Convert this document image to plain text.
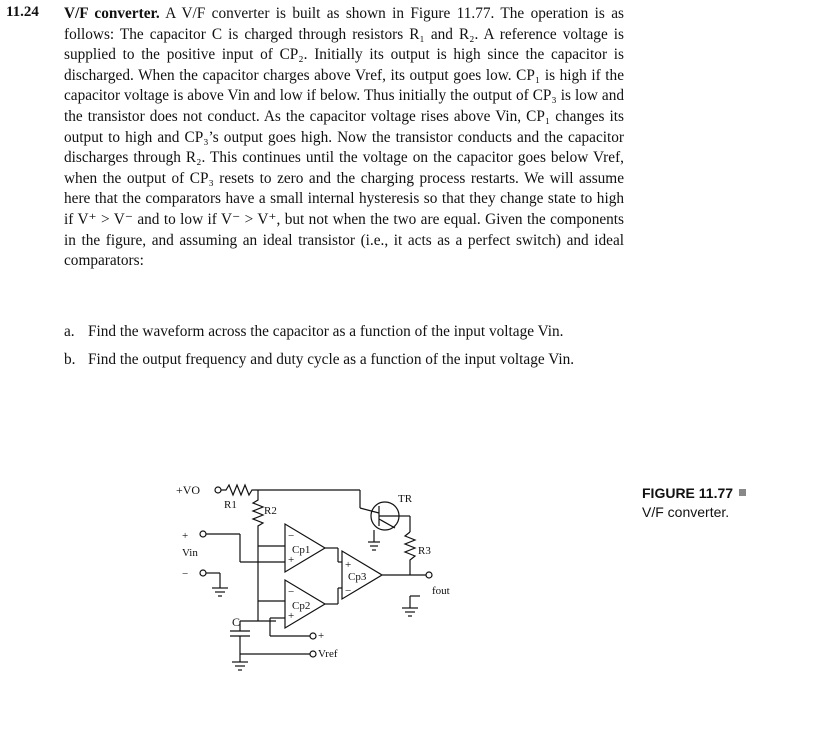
11.24 V/F converter. A V/F converter is built as shown in Figure 11.77. The operation is as follows: The capacitor C is charged through resistors R₁ and R₂. A reference voltage is supplied to the positive input of CP₂. Initially its output is high since the capacitor is discharged. When the capacitor charges above Vref, its output goes low. CP₁ is high if the capacitor voltage is above Vin and low if below. Thus initially the output of CP₃ is low and the transistor does not conduct. As the capacitor voltage rises above Vin, CP₁ changes its output to high and CP₃’s output goes high. Now the transistor conducts and the capacitor discharges through R₂. This continues until the voltage on the capacitor goes below Vref, when the output of CP₃ resets to zero and the charging process restarts. We will assume here that the comparators have a small internal hysteresis so that they change state to high if V⁺ > V⁻ and to low if V⁻ > V⁺, but not when the two are equal. Given the components in the figure, and assuming an ideal transistor (i.e., it acts as a perfect switch) and ideal comparators:
a. Find the waveform across the capacitor as a function of the input voltage Vin.
b. Find the output frequency and duty cycle as a function of the input voltage Vin.
+VO
R1 R2
−
+
Cp1
−
+
Cp2
+
Vin
−
+
Vref
C
+
−
Cp3
TR
R3
fout
FIGURE 11.77
V/F converter.
